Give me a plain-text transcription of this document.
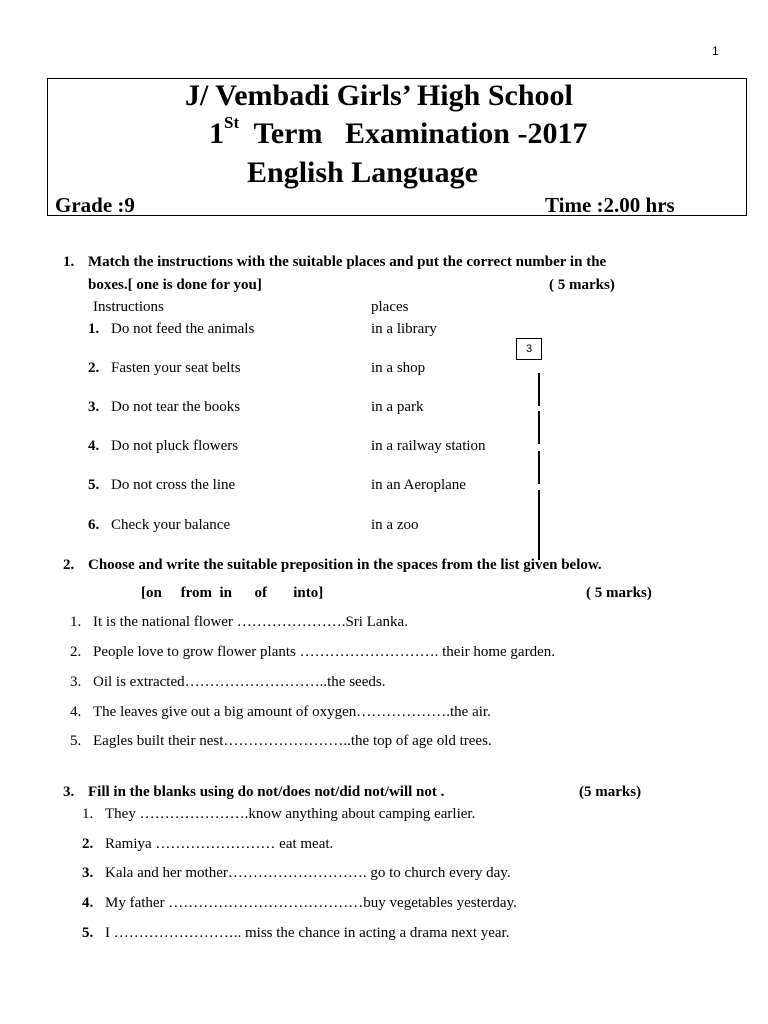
1
J/ Vembadi Girls’ High School
1St  Term   Examination -2017
English Language
Grade :9	Time :2.00 hrs
1. Match the instructions with the suitable places and put the correct number in the
boxes.[ one is done for you]	( 5 marks)
Instructions	places
1. Do not feed the animals	in a library
2. Fasten your seat belts	in a shop
3. Do not tear the books	in a park
4. Do not pluck flowers	in a railway station
5. Do not cross the line	in an Aeroplane
6. Check your balance	in a zoo
3
2. Choose and write the suitable preposition in the spaces from the list given below.
[on     from  in      of       into]	( 5 marks)
1. It is the national flower ………………….Sri Lanka.
2. People love to grow flower plants ………………………. their home garden.
3. Oil is extracted………………………..the seeds.
4. The leaves give out a big amount of oxygen……………….the air.
5. Eagles built their nest……………………..the top of age old trees.
3. Fill in the blanks using do not/does not/did not/will not .	(5 marks)
1. They ………………….know anything about camping earlier.
2. Ramiya …………………… eat meat.
3. Kala and her mother………………………. go to church every day.
4. My father …………………………………buy vegetables yesterday.
5. I …………………….. miss the chance in acting a drama next year.
